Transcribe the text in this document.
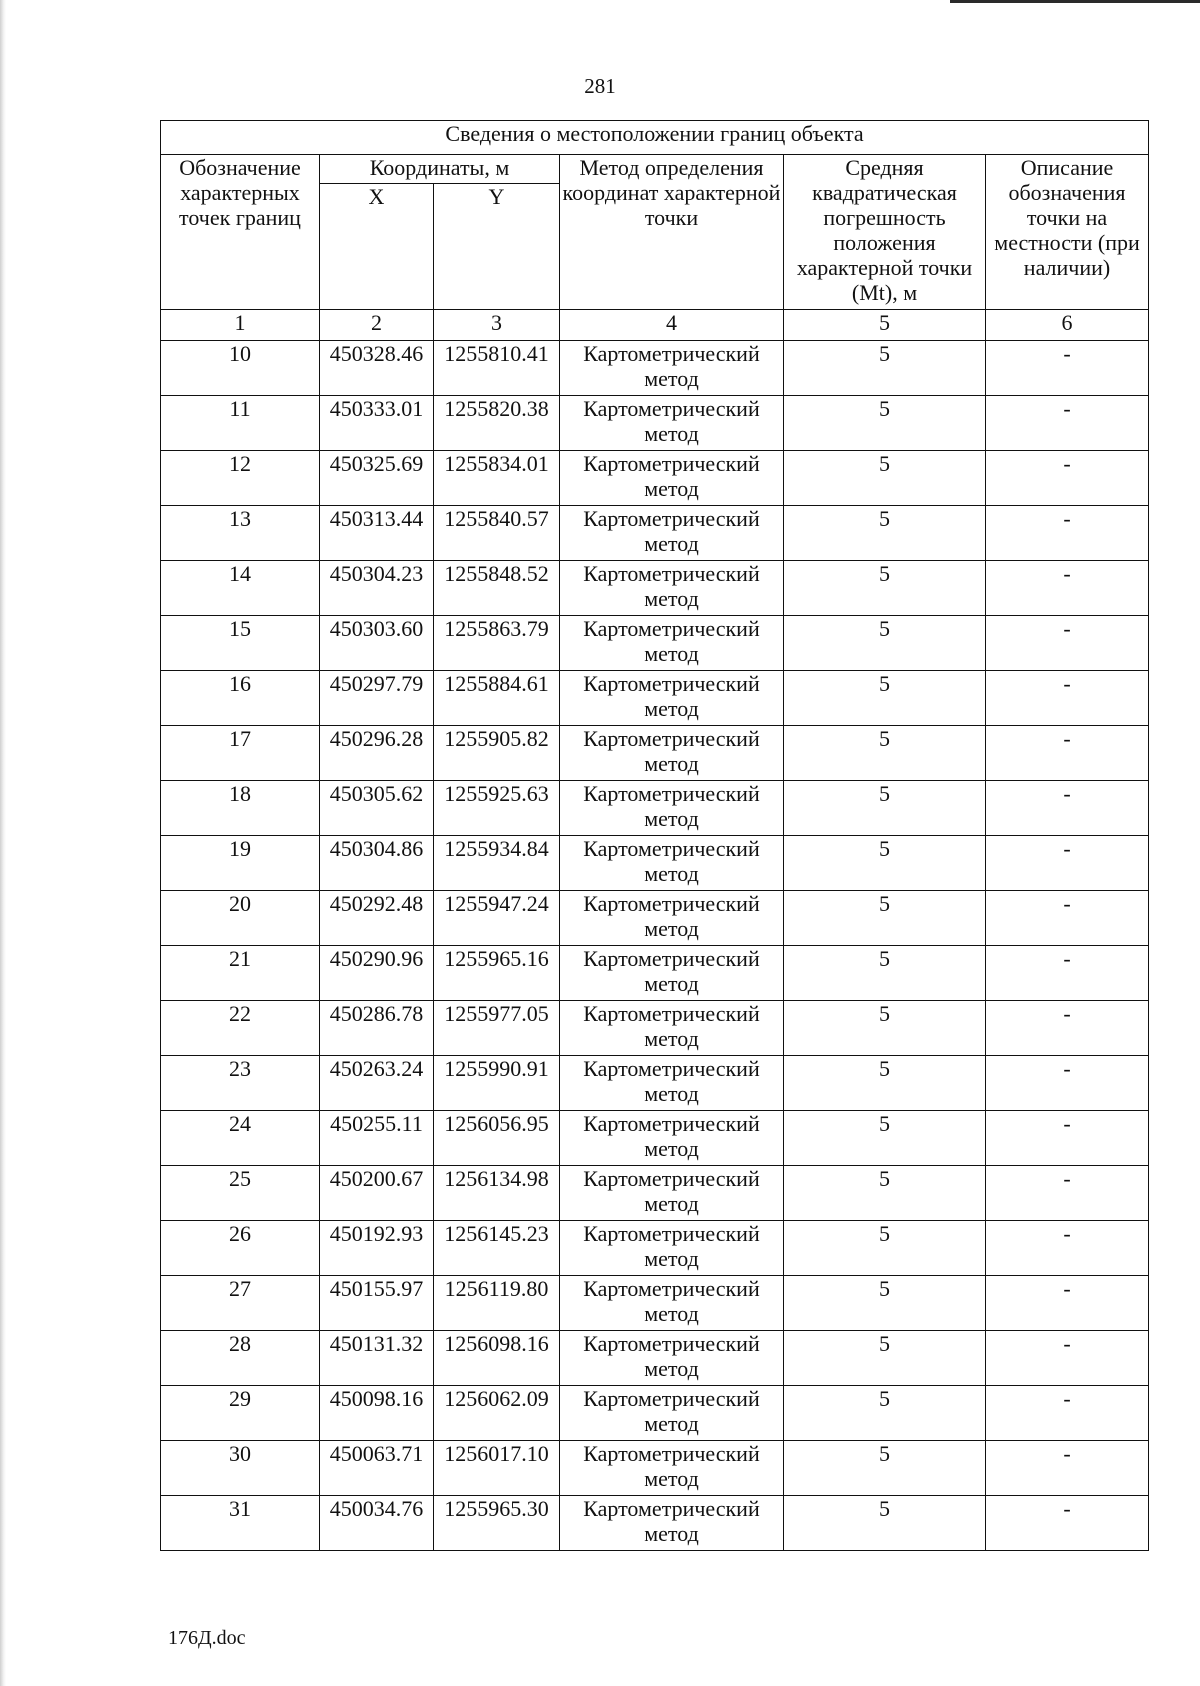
281
Сведения о местоположении границ объекта					
Обозначение характерных точек границ	Координаты, м		Метод определения координат характерной точки	Средняя квадратическая погрешность положения характерной точки (Mt), м	Описание обозначения точки на местности (при наличии)
	X	Y			
1	2	3	4	5	6
10	450328.46	1255810.41	Картометрический метод	5	-
11	450333.01	1255820.38	Картометрический метод	5	-
12	450325.69	1255834.01	Картометрический метод	5	-
13	450313.44	1255840.57	Картометрический метод	5	-
14	450304.23	1255848.52	Картометрический метод	5	-
15	450303.60	1255863.79	Картометрический метод	5	-
16	450297.79	1255884.61	Картометрический метод	5	-
17	450296.28	1255905.82	Картометрический метод	5	-
18	450305.62	1255925.63	Картометрический метод	5	-
19	450304.86	1255934.84	Картометрический метод	5	-
20	450292.48	1255947.24	Картометрический метод	5	-
21	450290.96	1255965.16	Картометрический метод	5	-
22	450286.78	1255977.05	Картометрический метод	5	-
23	450263.24	1255990.91	Картометрический метод	5	-
24	450255.11	1256056.95	Картометрический метод	5	-
25	450200.67	1256134.98	Картометрический метод	5	-
26	450192.93	1256145.23	Картометрический метод	5	-
27	450155.97	1256119.80	Картометрический метод	5	-
28	450131.32	1256098.16	Картометрический метод	5	-
29	450098.16	1256062.09	Картометрический метод	5	-
30	450063.71	1256017.10	Картометрический метод	5	-
31	450034.76	1255965.30	Картометрический метод	5	-
176Д.doc
